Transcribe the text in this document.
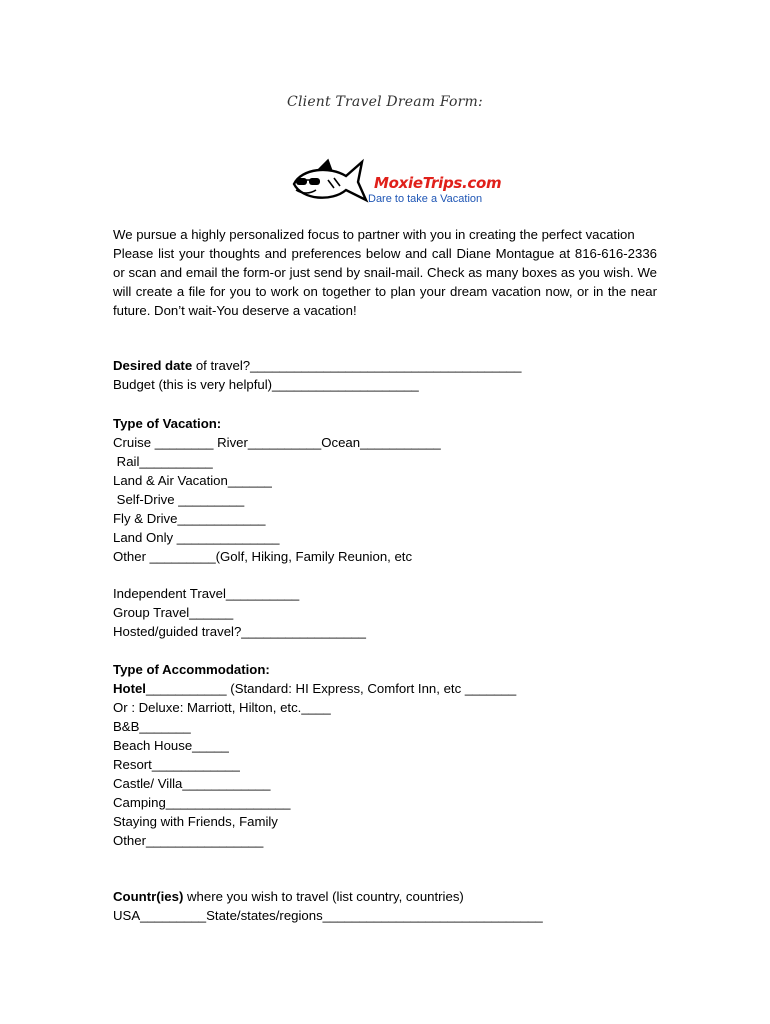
Client Travel Dream Form:
MoxieTrips.com
Dare to take a Vacation

We pursue a highly personalized focus to partner with you in creating the perfect vacation

Please list your thoughts and preferences below and call Diane Montague at 816-616-2336 or scan and email the form-or just send by snail-mail. Check as many boxes as you wish. We will create a file for you to work on together to plan your dream vacation now, or in the near future. Don’t wait-You deserve a vacation!

Desired date of travel?_____________________________________
Budget (this is very helpful)____________________
Type of Vacation:
Cruise ________ River__________Ocean___________
Rail__________
Land & Air Vacation______
Self-Drive _________
Fly & Drive____________
Land Only ______________
Other _________(Golf, Hiking, Family Reunion, etc
Independent Travel__________
Group Travel______
Hosted/guided travel?_________________
Type of Accommodation:
Hotel___________ (Standard: HI Express, Comfort Inn, etc _______
Or : Deluxe: Marriott, Hilton, etc.____
B&B_______
Beach House_____
Resort____________
Castle/ Villa____________
Camping_________________
Staying with Friends, Family
Other________________
Countr(ies) where you wish to travel (list country, countries)
USA_________State/states/regions______________________________
